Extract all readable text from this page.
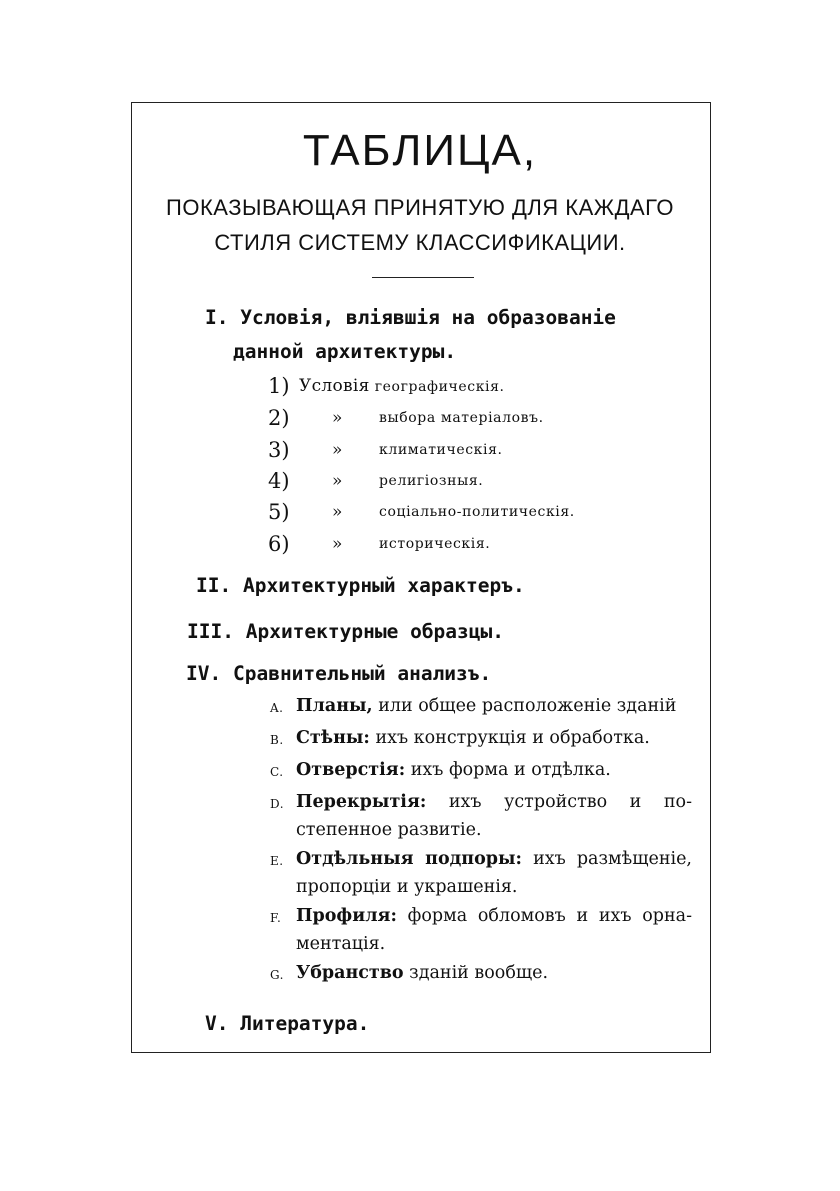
ТАБЛИЦА,

ПОКАЗЫВАЮЩАЯ ПРИНЯТУЮ ДЛЯ КАЖДАГО

СТИЛЯ СИСТЕМУ КЛАССИФИКАЦИИ.

I. Условія, вліявшія на образованіе
данной архитектуры.
1) Условія географическія.
2) »	выбора матеріаловъ.
3) »	климатическія.
4) »	религіозныя.
5) »	соціально-политическія.
6) »	историческія.
II. Архитектурный характеръ.
III. Архитектурные образцы.
IV. Сравнительный анализъ.
A. Планы, или общее расположеніе зданій
B. Стѣны: ихъ конструкція и обработка.
C. Отверстія: ихъ форма и отдѣлка.
D. Перекрытія: ихъ устройство и по-
степенное развитіе.
E. Отдѣльныя подпоры: ихъ размѣщеніе,
пропорціи и украшенія.
F. Профиля: форма обломовъ и ихъ орна-
ментація.
G. Убранство зданій вообще.
V. Литература.
